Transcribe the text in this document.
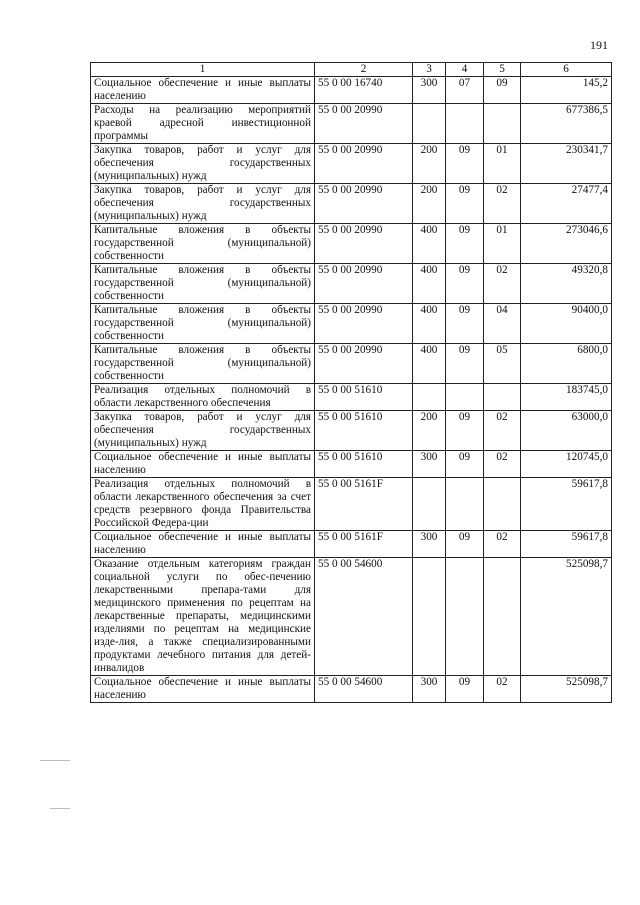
191
1	2	3	4	5	6
Социальное обеспечение и иные выплаты населению	55 0 00 16740	300	07	09	145,2
Расходы на реализацию мероприятий краевой адресной инвестиционной программы	55 0 00 20990				677386,5
Закупка товаров, работ и услуг для обеспечения государственных (муниципальных) нужд	55 0 00 20990	200	09	01	230341,7
Закупка товаров, работ и услуг для обеспечения государственных (муниципальных) нужд	55 0 00 20990	200	09	02	27477,4
Капитальные вложения в объекты государственной (муниципальной) собственности	55 0 00 20990	400	09	01	273046,6
Капитальные вложения в объекты государственной (муниципальной) собственности	55 0 00 20990	400	09	02	49320,8
Капитальные вложения в объекты государственной (муниципальной) собственности	55 0 00 20990	400	09	04	90400,0
Капитальные вложения в объекты государственной (муниципальной) собственности	55 0 00 20990	400	09	05	6800,0
Реализация отдельных полномочий в области лекарственного обеспечения	55 0 00 51610				183745,0
Закупка товаров, работ и услуг для обеспечения государственных (муниципальных) нужд	55 0 00 51610	200	09	02	63000,0
Социальное обеспечение и иные выплаты населению	55 0 00 51610	300	09	02	120745,0
Реализация отдельных полномочий в области лекарственного обеспечения за счет средств резервного фонда Правительства Российской Федера-ции	55 0 00 5161F				59617,8
Социальное обеспечение и иные выплаты населению	55 0 00 5161F	300	09	02	59617,8
Оказание отдельным категориям граждан социальной услуги по обес-печению лекарственными препара-тами для медицинского применения по рецептам на лекарственные препараты, медицинскими изделиями по рецептам на медицинские изде-лия, а также специализированными продуктами лечебного питания для детей-инвалидов	55 0 00 54600				525098,7
Социальное обеспечение и иные выплаты населению	55 0 00 54600	300	09	02	525098,7
